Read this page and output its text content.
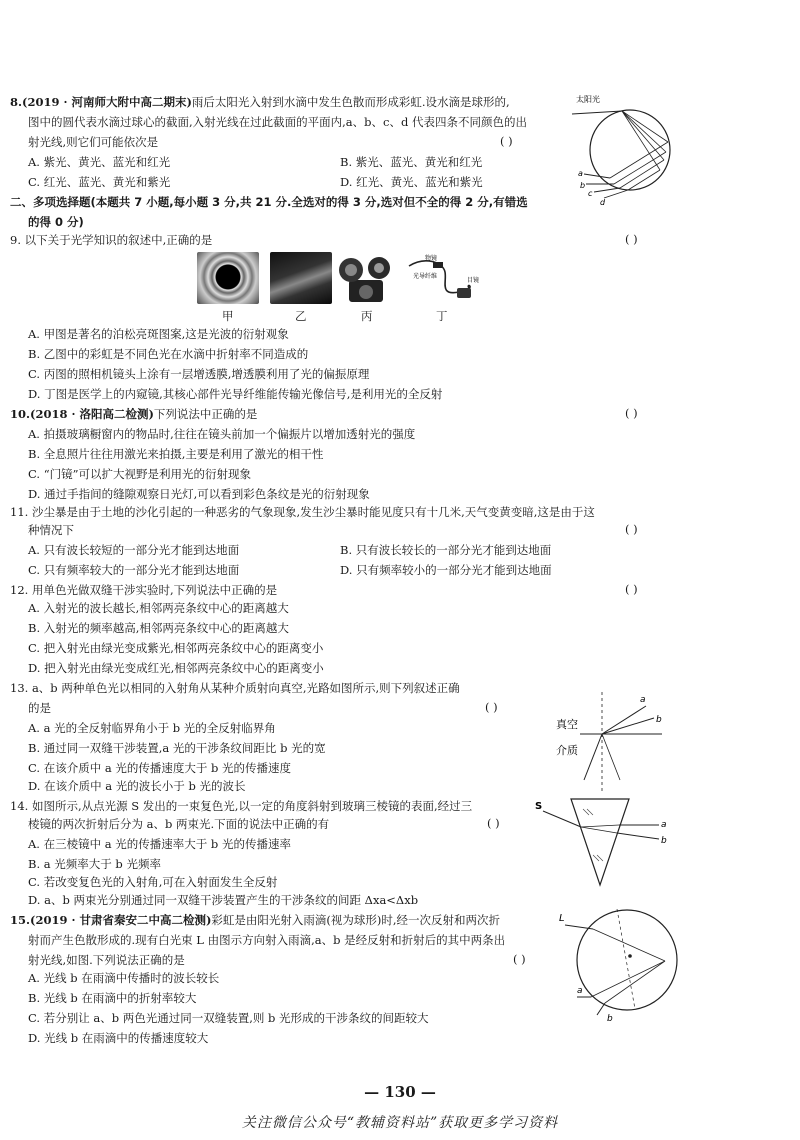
8.(2019 · 河南师大附中高二期末)雨后太阳光入射到水滴中发生色散而形成彩虹.设水滴是球形的,
图中的圆代表水滴过球心的截面,入射光线在过此截面的平面内,a、b、c、d 代表四条不同颜色的出
射光线,则它们可能依次是	( )
A. 紫光、黄光、蓝光和红光	B. 紫光、蓝光、黄光和红光
C. 红光、蓝光、黄光和紫光	D. 红光、黄光、蓝光和紫光
太阳光
a
b
c
d
二、多项选择题(本题共 7 小题,每小题 3 分,共 21 分.全选对的得 3 分,选对但不全的得 2 分,有错选
的得 0 分)
9. 以下关于光学知识的叙述中,正确的是	( )
物镜
光导纤维
目镜
甲	乙	丙	丁
A. 甲图是著名的泊松亮斑图案,这是光波的衍射观象
B. 乙图中的彩虹是不同色光在水滴中折射率不同造成的
C. 丙图的照相机镜头上涂有一层增透膜,增透膜利用了光的偏振原理
D. 丁图是医学上的内窥镜,其核心部件光导纤维能传输光像信号,是利用光的全反射
10.(2018 · 洛阳高二检测)下列说法中正确的是	( )
A. 拍摄玻璃橱窗内的物品时,往往在镜头前加一个偏振片以增加透射光的强度
B. 全息照片往往用激光来拍摄,主要是利用了激光的相干性
C. “门镜”可以扩大视野是利用光的衍射现象
D. 通过手指间的缝隙观察日光灯,可以看到彩色条纹是光的衍射现象
11. 沙尘暴是由于土地的沙化引起的一种恶劣的气象现象,发生沙尘暴时能见度只有十几米,天气变黄变暗,这是由于这
种情况下	( )
A. 只有波长较短的一部分光才能到达地面	B. 只有波长较长的一部分光才能到达地面
C. 只有频率较大的一部分光才能到达地面	D. 只有频率较小的一部分光才能到达地面
12. 用单色光做双缝干涉实验时,下列说法中正确的是	( )
A. 入射光的波长越长,相邻两亮条纹中心的距离越大
B. 入射光的频率越高,相邻两亮条纹中心的距离越大
C. 把入射光由绿光变成紫光,相邻两亮条纹中心的距离变小
D. 把入射光由绿光变成红光,相邻两亮条纹中心的距离变小
13. a、b 两种单色光以相同的入射角从某种介质射向真空,光路如图所示,则下列叙述正确
的是	( )
A. a 光的全反射临界角小于 b 光的全反射临界角
B. 通过同一双缝干涉装置,a 光的干涉条纹间距比 b 光的宽
C. 在该介质中 a 光的传播速度大于 b 光的传播速度
D. 在该介质中 a 光的波长小于 b 光的波长
真空
介质
a
b
14. 如图所示,从点光源 S 发出的一束复色光,以一定的角度斜射到玻璃三棱镜的表面,经过三
棱镜的两次折射后分为 a、b 两束光.下面的说法中正确的有	( )
A. 在三棱镜中 a 光的传播速率大于 b 光的传播速率
B. a 光频率大于 b 光频率
C. 若改变复色光的入射角,可在入射面发生全反射
D. a、b 两束光分别通过同一双缝干涉装置产生的干涉条纹的间距 Δxa<Δxb
S
a
b
15.(2019 · 甘肃省秦安二中高二检测)彩虹是由阳光射入雨滴(视为球形)时,经一次反射和两次折
射而产生色散形成的.现有白光束 L 由图示方向射入雨滴,a、b 是经反射和折射后的其中两条出
射光线,如图.下列说法正确的是	( )
A. 光线 b 在雨滴中传播时的波长较长
B. 光线 b 在雨滴中的折射率较大
C. 若分别让 a、b 两色光通过同一双缝装置,则 b 光形成的干涉条纹的间距较大
D. 光线 b 在雨滴中的传播速度较大
L
a
b
— 130 —
关注微信公众号“教辅资料站”获取更多学习资料
